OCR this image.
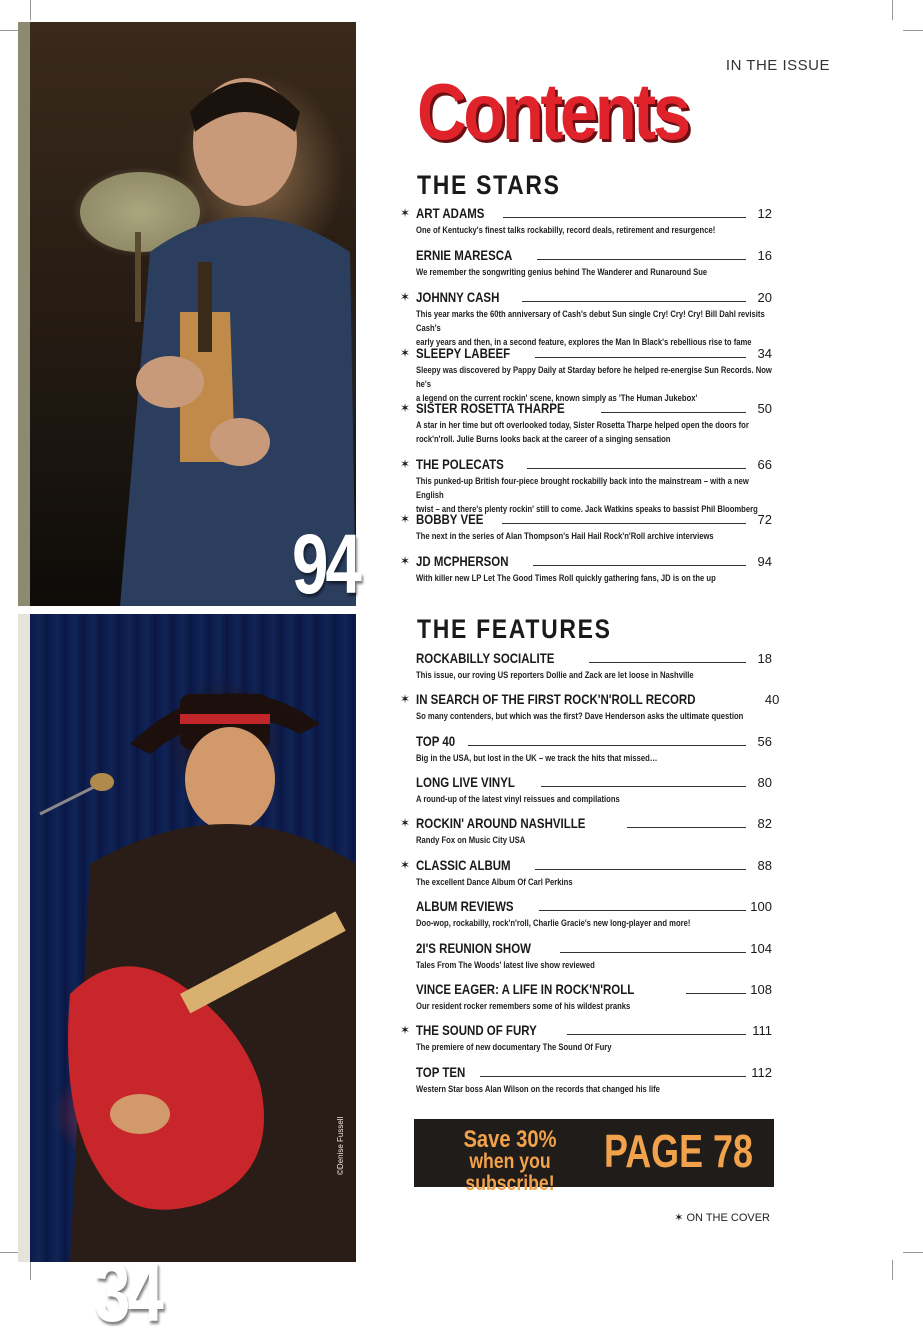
94
34
©Denise Fussell
IN THE ISSUE
Contents
THE STARS
✶ ART ADAMS	12
One of Kentucky's finest talks rockabilly, record deals, retirement and resurgence!
ERNIE MARESCA	16
We remember the songwriting genius behind The Wanderer and Runaround Sue
✶ JOHNNY CASH	20
This year marks the 60th anniversary of Cash's debut Sun single Cry! Cry! Cry! Bill Dahl revisits Cash's
early years and then, in a second feature, explores the Man In Black's rebellious rise to fame
✶ SLEEPY LABEEF	34
Sleepy was discovered by Pappy Daily at Starday before he helped re-energise Sun Records. Now he's
a legend on the current rockin' scene, known simply as 'The Human Jukebox'
✶ SISTER ROSETTA THARPE	50
A star in her time but oft overlooked today, Sister Rosetta Tharpe helped open the doors for
rock'n'roll. Julie Burns looks back at the career of a singing sensation
✶ THE POLECATS	66
This punked-up British four-piece brought rockabilly back into the mainstream – with a new English
twist – and there's plenty rockin' still to come. Jack Watkins speaks to bassist Phil Bloomberg
✶ BOBBY VEE	72
The next in the series of Alan Thompson's Hail Hail Rock'n'Roll archive interviews
✶ JD MCPHERSON	94
With killer new LP Let The Good Times Roll quickly gathering fans, JD is on the up
THE FEATURES
ROCKABILLY SOCIALITE	18
This issue, our roving US reporters Dollie and Zack are let loose in Nashville
✶ IN SEARCH OF THE FIRST ROCK'N'ROLL RECORD	40
So many contenders, but which was the first? Dave Henderson asks the ultimate question
TOP 40	56
Big in the USA, but lost in the UK – we track the hits that missed…
LONG LIVE VINYL	80
A round-up of the latest vinyl reissues and compilations
✶ ROCKIN' AROUND NASHVILLE	82
Randy Fox on Music City USA
✶ CLASSIC ALBUM	88
The excellent Dance Album Of Carl Perkins
ALBUM REVIEWS	100
Doo-wop, rockabilly, rock'n'roll, Charlie Gracie's new long-player and more!
2I'S REUNION SHOW	104
Tales From The Woods' latest live show reviewed
VINCE EAGER: A LIFE IN ROCK'N'ROLL	108
Our resident rocker remembers some of his wildest pranks
✶ THE SOUND OF FURY	111
The premiere of new documentary The Sound Of Fury
TOP TEN	112
Western Star boss Alan Wilson on the records that changed his life
Save 30%
when you subscribe!
PAGE 78
✶ ON THE COVER
